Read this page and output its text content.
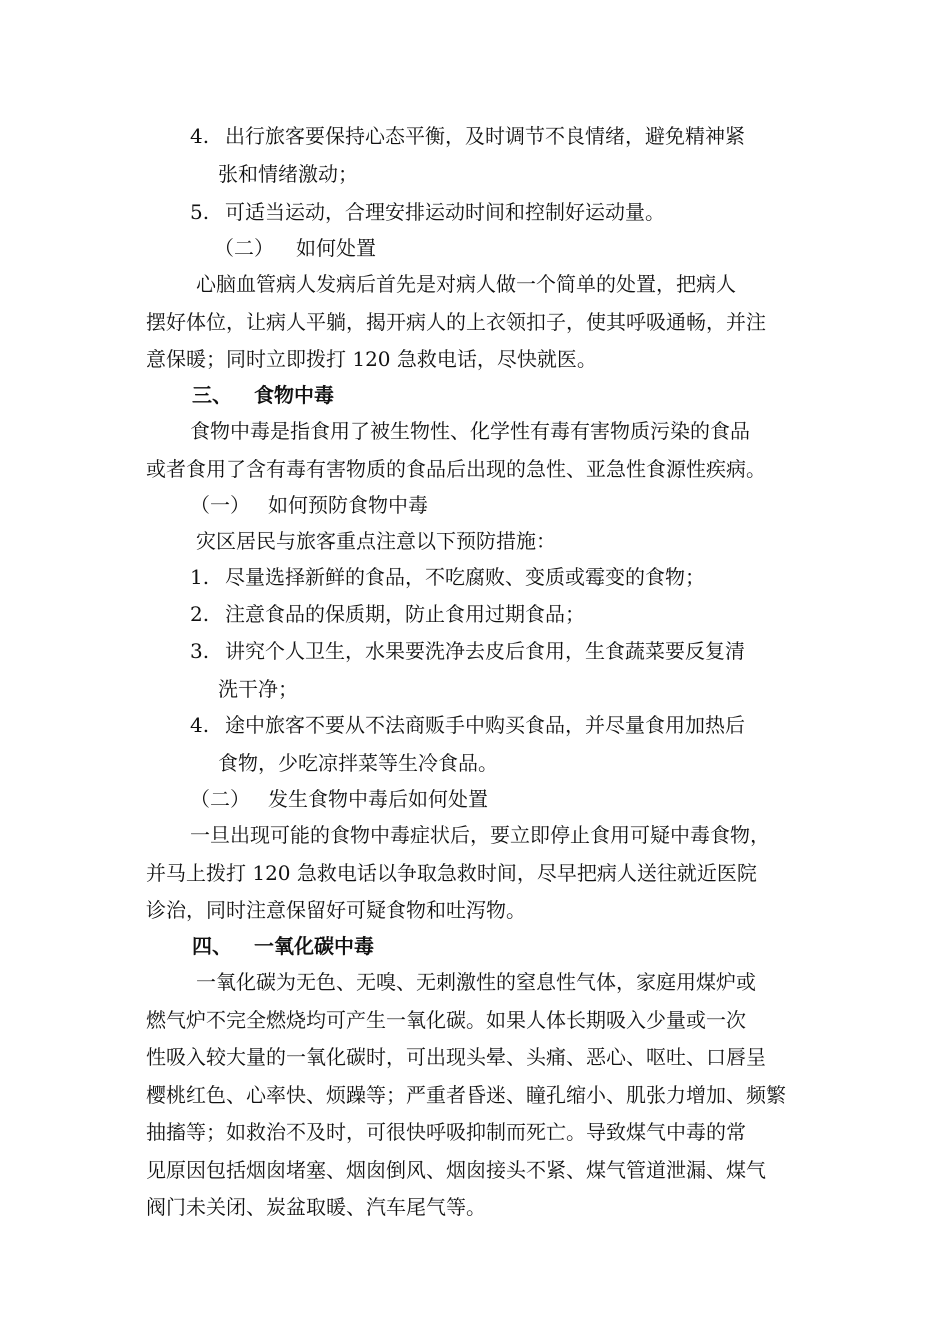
4. 出行旅客要保持心态平衡，及时调节不良情绪，避免精神紧
张和情绪激动；
5. 可适当运动，合理安排运动时间和控制好运动量。
（二） 如何处置
心脑血管病人发病后首先是对病人做一个简单的处置，把病人
摆好体位，让病人平躺，揭开病人的上衣领扣子，使其呼吸通畅，并注
意保暖；同时立即拨打 120 急救电话，尽快就医。
三、 食物中毒
食物中毒是指食用了被生物性、化学性有毒有害物质污染的食品
或者食用了含有毒有害物质的食品后出现的急性、亚急性食源性疾病。
（一） 如何预防食物中毒
灾区居民与旅客重点注意以下预防措施：
1. 尽量选择新鲜的食品，不吃腐败、变质或霉变的食物；
2. 注意食品的保质期，防止食用过期食品；
3. 讲究个人卫生，水果要洗净去皮后食用，生食蔬菜要反复清
洗干净；
4. 途中旅客不要从不法商贩手中购买食品，并尽量食用加热后
食物，少吃凉拌菜等生冷食品。
（二） 发生食物中毒后如何处置
一旦出现可能的食物中毒症状后，要立即停止食用可疑中毒食物，
并马上拨打 120 急救电话以争取急救时间，尽早把病人送往就近医院
诊治，同时注意保留好可疑食物和吐泻物。
四、 一氧化碳中毒
一氧化碳为无色、无嗅、无刺激性的窒息性气体，家庭用煤炉或
燃气炉不完全燃烧均可产生一氧化碳。如果人体长期吸入少量或一次
性吸入较大量的一氧化碳时，可出现头晕、头痛、恶心、呕吐、口唇呈
樱桃红色、心率快、烦躁等；严重者昏迷、瞳孔缩小、肌张力增加、频繁
抽搐等；如救治不及时，可很快呼吸抑制而死亡。导致煤气中毒的常
见原因包括烟囱堵塞、烟囱倒风、烟囱接头不紧、煤气管道泄漏、煤气
阀门未关闭、炭盆取暖、汽车尾气等。
